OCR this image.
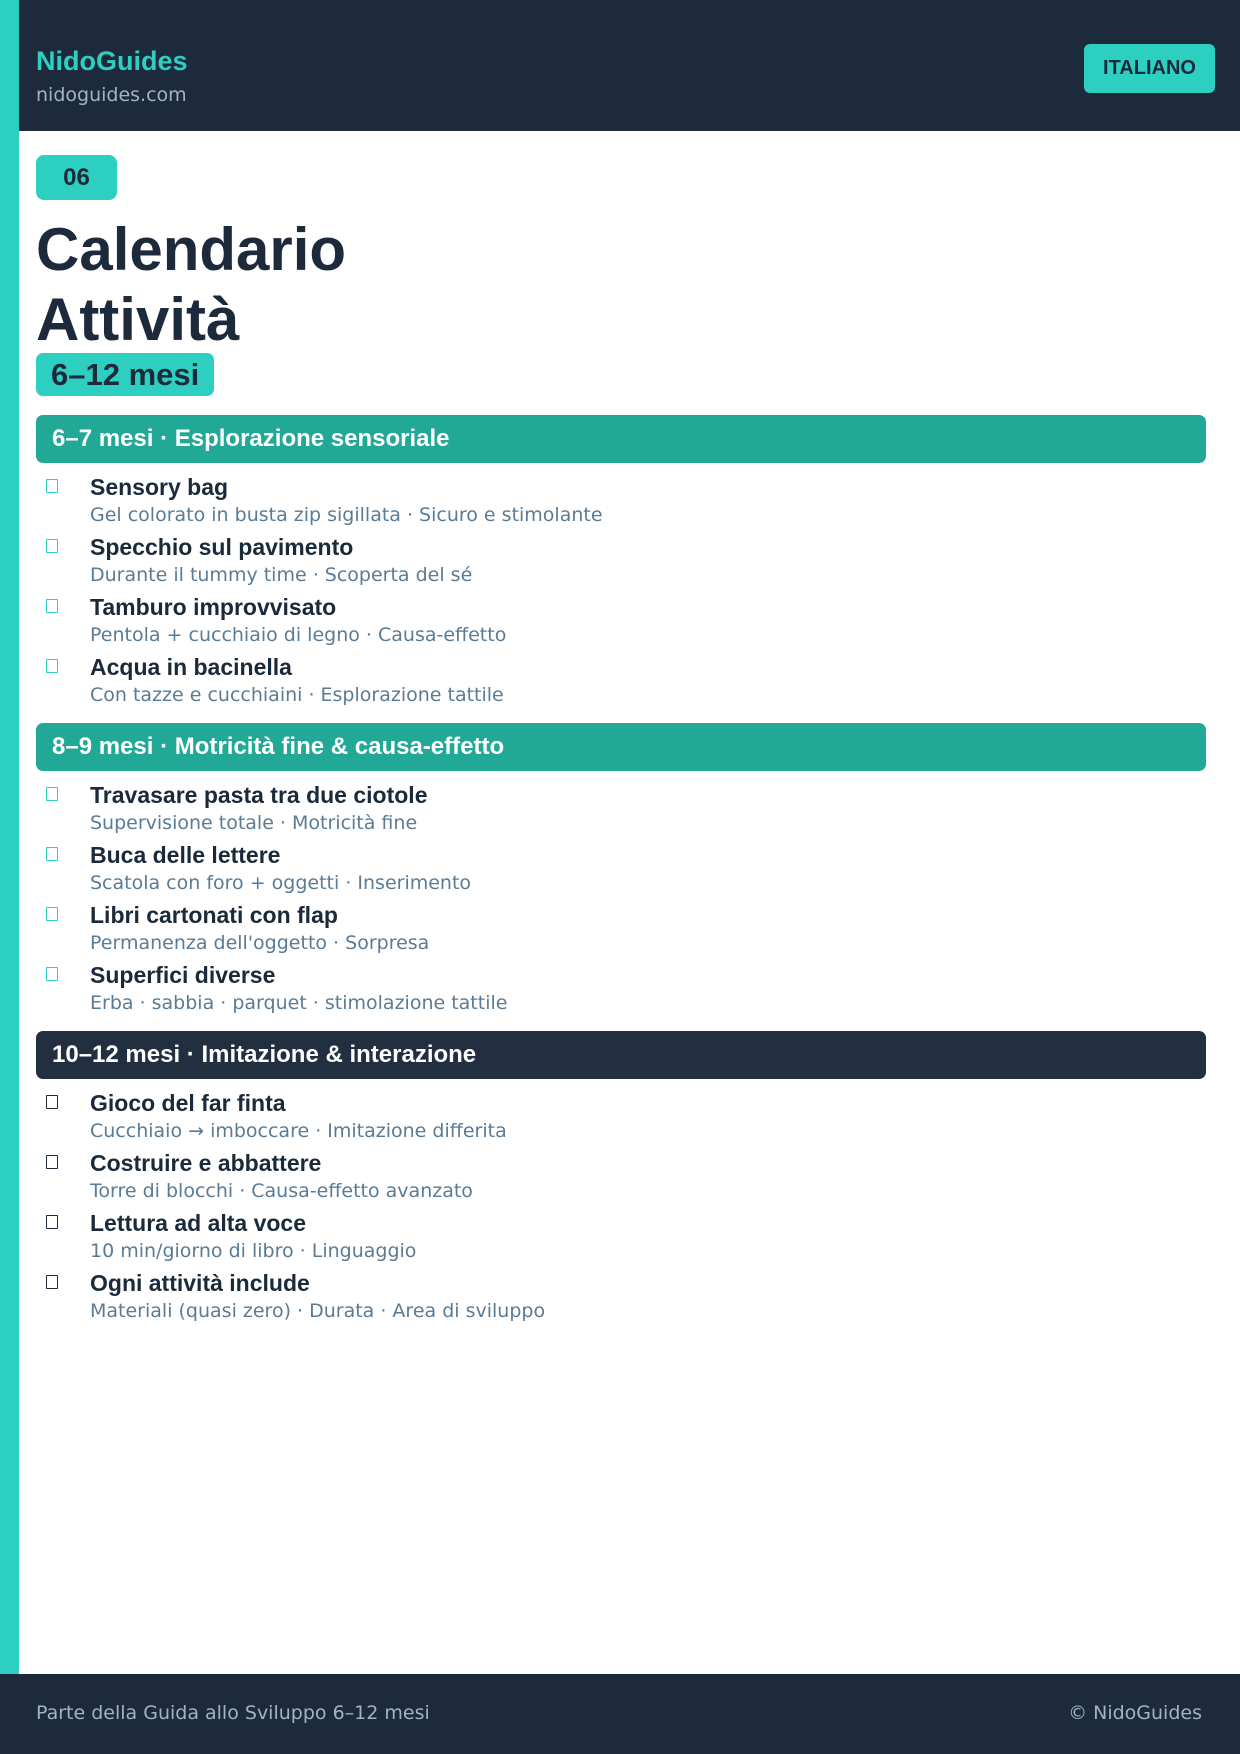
NidoGuides
nidoguides.com
ITALIANO
06
Calendario
Attività
6–12 mesi
6–7 mesi · Esplorazione sensoriale
Sensory bag
Gel colorato in busta zip sigillata · Sicuro e stimolante
Specchio sul pavimento
Durante il tummy time · Scoperta del sé
Tamburo improvvisato
Pentola + cucchiaio di legno · Causa-effetto
Acqua in bacinella
Con tazze e cucchiaini · Esplorazione tattile
8–9 mesi · Motricità fine & causa-effetto
Travasare pasta tra due ciotole
Supervisione totale · Motricità fine
Buca delle lettere
Scatola con foro + oggetti · Inserimento
Libri cartonati con flap
Permanenza dell'oggetto · Sorpresa
Superfici diverse
Erba · sabbia · parquet · stimolazione tattile
10–12 mesi · Imitazione & interazione
Gioco del far finta
Cucchiaio → imboccare · Imitazione differita
Costruire e abbattere
Torre di blocchi · Causa-effetto avanzato
Lettura ad alta voce
10 min/giorno di libro · Linguaggio
Ogni attività include
Materiali (quasi zero) · Durata · Area di sviluppo
Parte della Guida allo Sviluppo 6–12 mesi	© NidoGuides
